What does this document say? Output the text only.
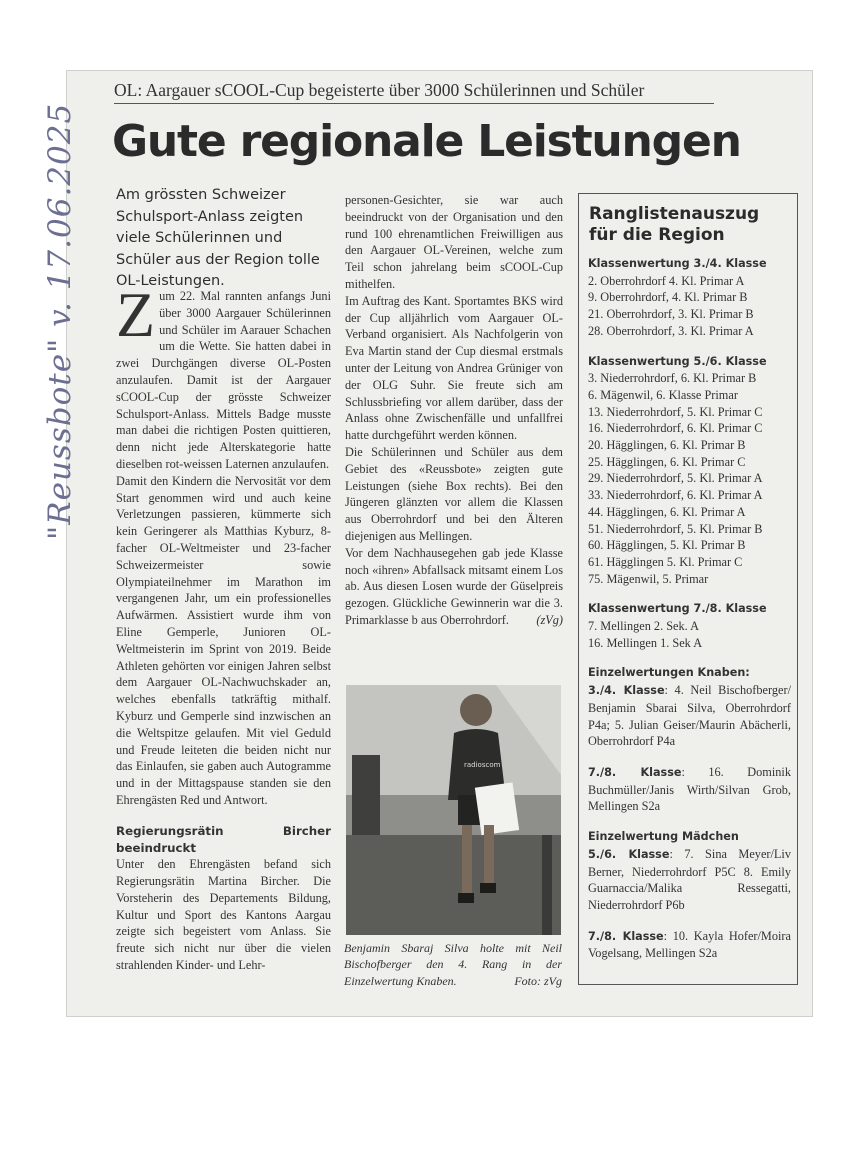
"Reussbote" v. 17.06.2025
OL: Aargauer sCOOL-Cup begeisterte über 3000 Schülerinnen und Schüler
Gute regionale Leistungen
Am grössten Schweizer Schulsport-Anlass zeigten viele Schülerinnen und Schüler aus der Region tolle OL-Leistungen.

Zum 22. Mal rannten anfangs Juni über 3000 Aargauer Schülerinnen und Schüler im Aarauer Schachen um die Wette. Sie hatten dabei in zwei Durchgängen diverse OL-Posten anzulaufen. Damit ist der Aargauer sCOOL-Cup der grösste Schweizer Schulsport-Anlass. Mittels Badge musste man dabei die richtigen Posten quittieren, denn nicht jede Alterskategorie hatte dieselben rot-weissen Laternen anzulaufen.

Damit den Kindern die Nervosität vor dem Start genommen wird und auch keine Verletzungen passieren, kümmerte sich kein Geringerer als Matthias Kyburz, 8-facher OL-Weltmeister und 23-facher Schweizermeister sowie Olympiateilnehmer im Marathon im vergangenen Jahr, um ein professionelles Aufwärmen. Assistiert wurde ihm von Eline Gemperle, Junioren OL-Weltmeisterin im Sprint von 2019. Beide Athleten gehörten vor einigen Jahren selbst dem Aargauer OL-Nachwuchskader an, welches ebenfalls tatkräftig mithalf. Kyburz und Gemperle sind inzwischen an die Weltspitze gelaufen. Mit viel Geduld und Freude leiteten die beiden nicht nur das Einlaufen, sie gaben auch Autogramme und in der Mittagspause standen sie den Ehrengästen Red und Antwort.

Regierungsrätin Bircher beeindruckt

Unter den Ehrengästen befand sich Regierungsrätin Martina Bircher. Die Vorsteherin des Departements Bildung, Kultur und Sport des Kantons Aargau zeigte sich begeistert vom Anlass. Sie freute sich nicht nur über die vielen strahlenden Kinder- und Lehr-

personen-Gesichter, sie war auch beeindruckt von der Organisation und den rund 100 ehrenamtlichen Freiwilligen aus den Aargauer OL-Vereinen, welche zum Teil schon jahrelang beim sCOOL-Cup mithelfen.

Im Auftrag des Kant. Sportamtes BKS wird der Cup alljährlich vom Aargauer OL-Verband organisiert. Als Nachfolgerin von Eva Martin stand der Cup diesmal erstmals unter der Leitung von Andrea Grüniger von der OLG Suhr. Sie freute sich am Schlussbriefing vor allem darüber, dass der Anlass ohne Zwischenfälle und unfallfrei hatte durchgeführt werden können.

Die Schülerinnen und Schüler aus dem Gebiet des «Reussbote» zeigten gute Leistungen (siehe Box rechts). Bei den Jüngeren glänzten vor allem die Klassen aus Oberrohrdorf und bei den Älteren diejenigen aus Mellingen.

Vor dem Nachhausegehen gab jede Klasse noch «ihren» Abfallsack mitsamt einem Los ab. Aus diesen Losen wurde der Güselpreis gezogen. Glückliche Gewinnerin war die 3. Primarklasse b aus Oberrohrdorf. (zVg)

radioscom
Benjamin Sbaraj Silva holte mit Neil Bischofberger den 4. Rang in der Einzelwertung Knaben.	Foto: zVg
Ranglistenauszug für die Region
Klassenwertung 3./4. Klasse
2. Oberrohrdorf 4. Kl. Primar A
9. Oberrohrdorf, 4. Kl. Primar B
21. Oberrohrdorf, 3. Kl. Primar B
28. Oberrohrdorf, 3. Kl. Primar A
Klassenwertung 5./6. Klasse
3. Niederrohrdorf, 6. Kl. Primar B
6. Mägenwil, 6. Klasse Primar
13. Niederrohrdorf, 5. Kl. Primar C
16. Niederrohrdorf, 6. Kl. Primar C
20. Hägglingen, 6. Kl. Primar B
25. Hägglingen, 6. Kl. Primar C
29. Niederrohrdorf, 5. Kl. Primar A
33. Niederrohrdorf, 6. Kl. Primar A
44. Hägglingen, 6. Kl. Primar A
51. Niederrohrdorf, 5. Kl. Primar B
60. Hägglingen, 5. Kl. Primar B
61. Hägglingen 5. Kl. Primar C
75. Mägenwil, 5. Primar
Klassenwertung 7./8. Klasse
7. Mellingen 2. Sek. A
16. Mellingen 1. Sek A
Einzelwertungen Knaben:
3./4. Klasse: 4. Neil Bischofberger/ Benjamin Sbarai Silva, Oberrohrdorf P4a; 5. Julian Geiser/Maurin Abächerli, Oberrohrdorf P4a
7./8. Klasse: 16. Dominik Buchmüller/Janis Wirth/Silvan Grob, Mellingen S2a
Einzelwertung Mädchen
5./6. Klasse: 7. Sina Meyer/Liv Berner, Niederrohrdorf P5C 8. Emily Guarnaccia/Malika Ressegatti, Niederrohrdorf P6b
7./8. Klasse: 10. Kayla Hofer/Moira Vogelsang, Mellingen S2a
